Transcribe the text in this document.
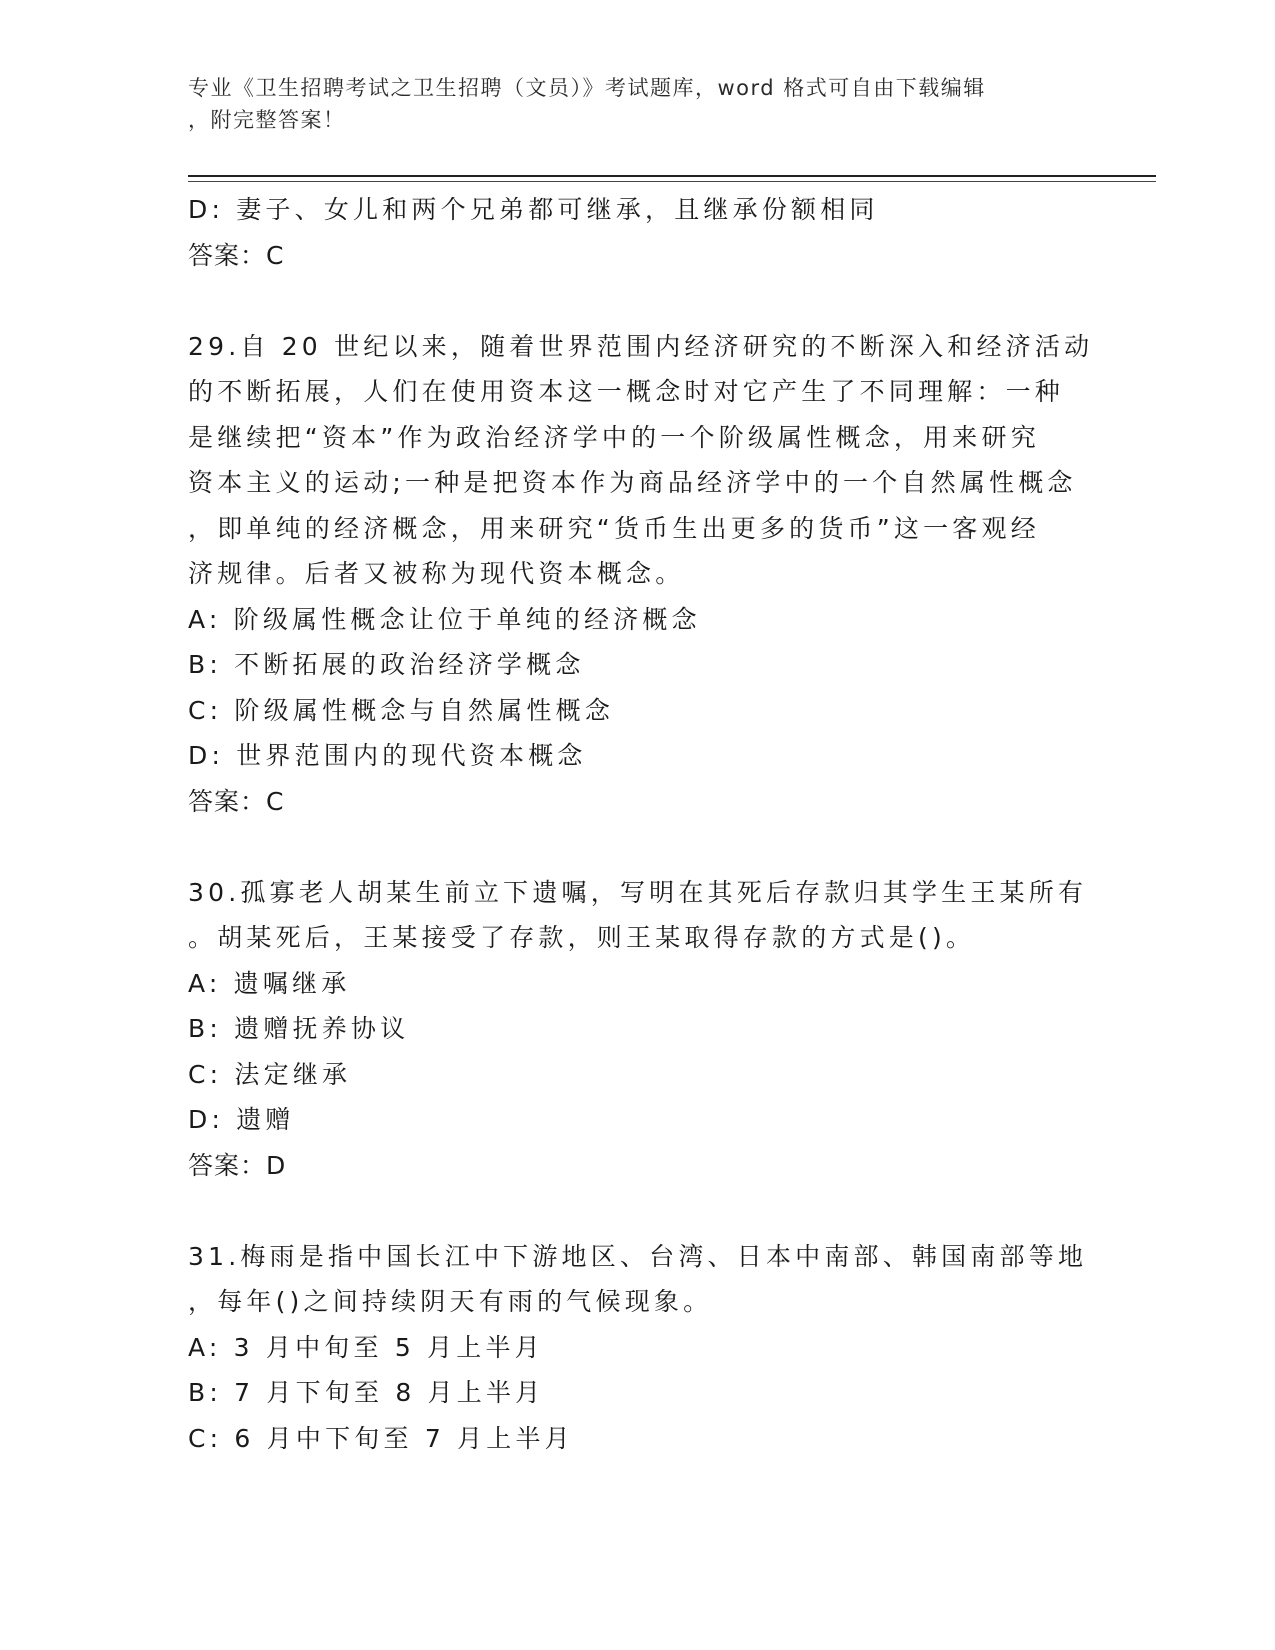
专业《卫生招聘考试之卫生招聘（文员）》考试题库，word 格式可自由下载编辑
，附完整答案！

D: 妻子、女儿和两个兄弟都可继承，且继承份额相同

答案：C

29.自 20 世纪以来，随着世界范围内经济研究的不断深入和经济活动

的不断拓展，人们在使用资本这一概念时对它产生了不同理解：一种

是继续把“资本”作为政治经济学中的一个阶级属性概念，用来研究

资本主义的运动;一种是把资本作为商品经济学中的一个自然属性概念

，即单纯的经济概念，用来研究“货币生出更多的货币”这一客观经

济规律。后者又被称为现代资本概念。

A: 阶级属性概念让位于单纯的经济概念

B: 不断拓展的政治经济学概念

C: 阶级属性概念与自然属性概念

D: 世界范围内的现代资本概念

答案：C

30.孤寡老人胡某生前立下遗嘱，写明在其死后存款归其学生王某所有

。胡某死后，王某接受了存款，则王某取得存款的方式是()。

A: 遗嘱继承

B: 遗赠抚养协议

C: 法定继承

D: 遗赠

答案：D

31.梅雨是指中国长江中下游地区、台湾、日本中南部、韩国南部等地

，每年()之间持续阴天有雨的气候现象。

A: 3 月中旬至 5 月上半月

B: 7 月下旬至 8 月上半月

C: 6 月中下旬至 7 月上半月
